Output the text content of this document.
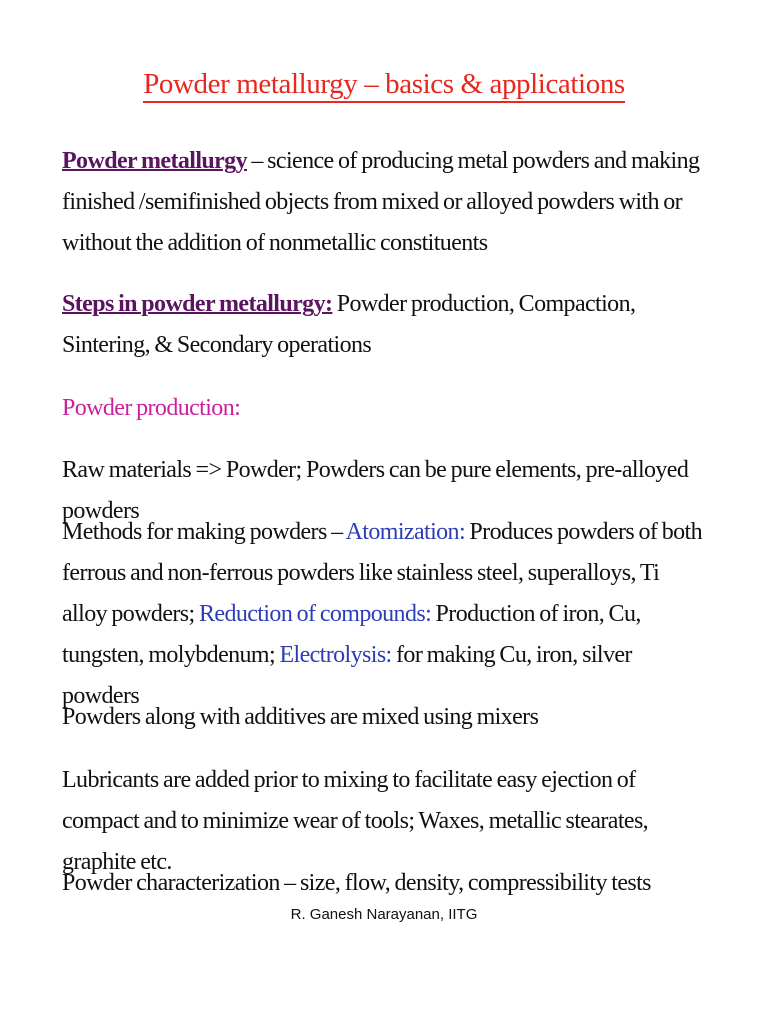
Powder metallurgy – basics & applications
Powder metallurgy – science of producing metal powders and making finished /semifinished objects from mixed or alloyed powders with or without the addition of nonmetallic constituents
Steps in powder metallurgy: Powder production, Compaction, Sintering, & Secondary operations
Powder production:
Raw materials => Powder; Powders can be pure elements, pre-alloyed powders
Methods for making powders – Atomization: Produces powders of both ferrous and non-ferrous powders like stainless steel, superalloys, Ti alloy powders; Reduction of compounds: Production of iron, Cu, tungsten, molybdenum; Electrolysis: for making Cu, iron, silver powders
Powders along with additives are mixed using mixers
Lubricants are added prior to mixing to facilitate easy ejection of compact and to minimize wear of tools; Waxes, metallic stearates, graphite etc.
Powder characterization – size, flow, density, compressibility tests
R. Ganesh Narayanan, IITG
